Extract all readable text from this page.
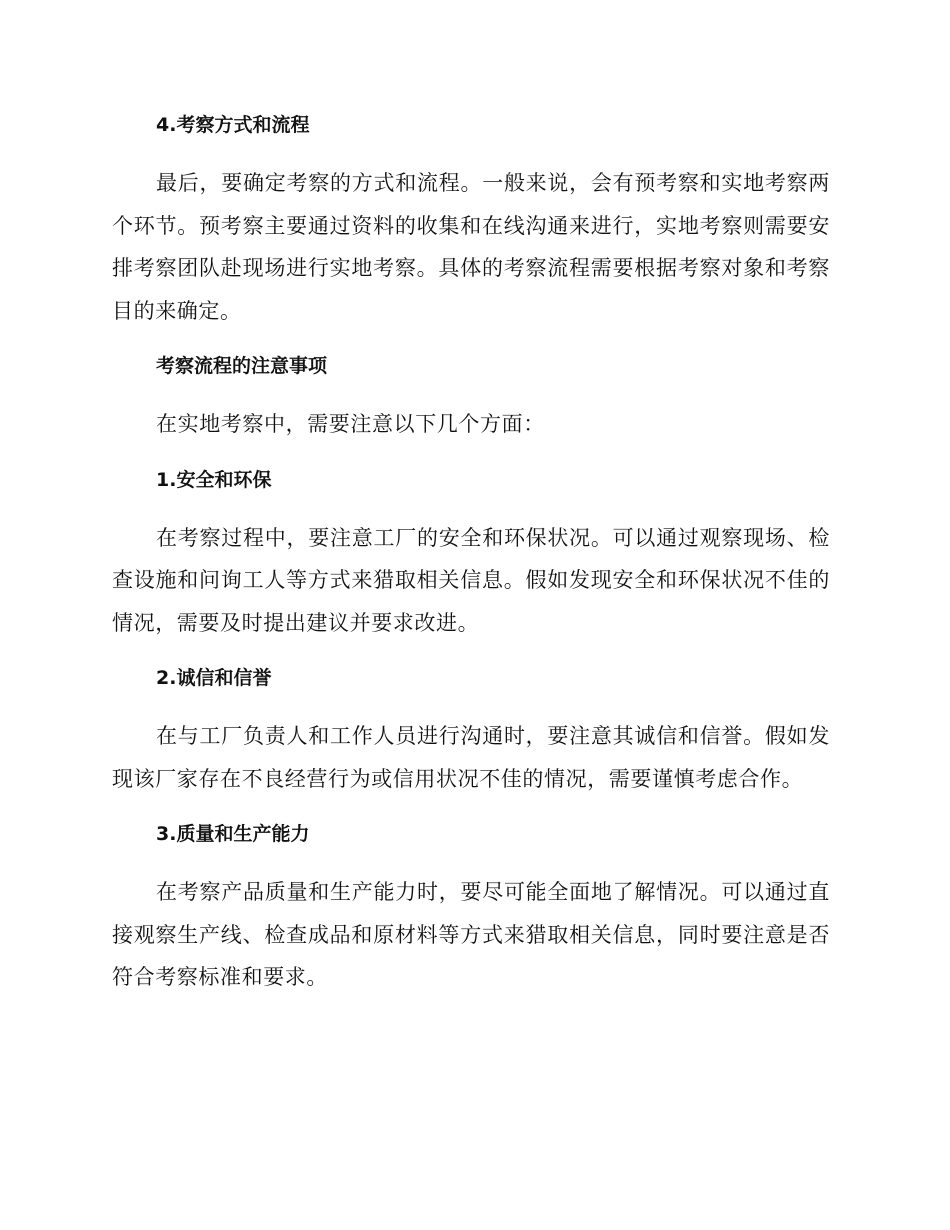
4.考察方式和流程

最后，要确定考察的方式和流程。一般来说，会有预考察和实地考察两个环节。预考察主要通过资料的收集和在线沟通来进行，实地考察则需要安排考察团队赴现场进行实地考察。具体的考察流程需要根据考察对象和考察目的来确定。

考察流程的注意事项

在实地考察中，需要注意以下几个方面：

1.安全和环保

在考察过程中，要注意工厂的安全和环保状况。可以通过观察现场、检查设施和问询工人等方式来猎取相关信息。假如发现安全和环保状况不佳的情况，需要及时提出建议并要求改进。

2.诚信和信誉

在与工厂负责人和工作人员进行沟通时，要注意其诚信和信誉。假如发现该厂家存在不良经营行为或信用状况不佳的情况，需要谨慎考虑合作。

3.质量和生产能力

在考察产品质量和生产能力时，要尽可能全面地了解情况。可以通过直接观察生产线、检查成品和原材料等方式来猎取相关信息，同时要注意是否符合考察标准和要求。
